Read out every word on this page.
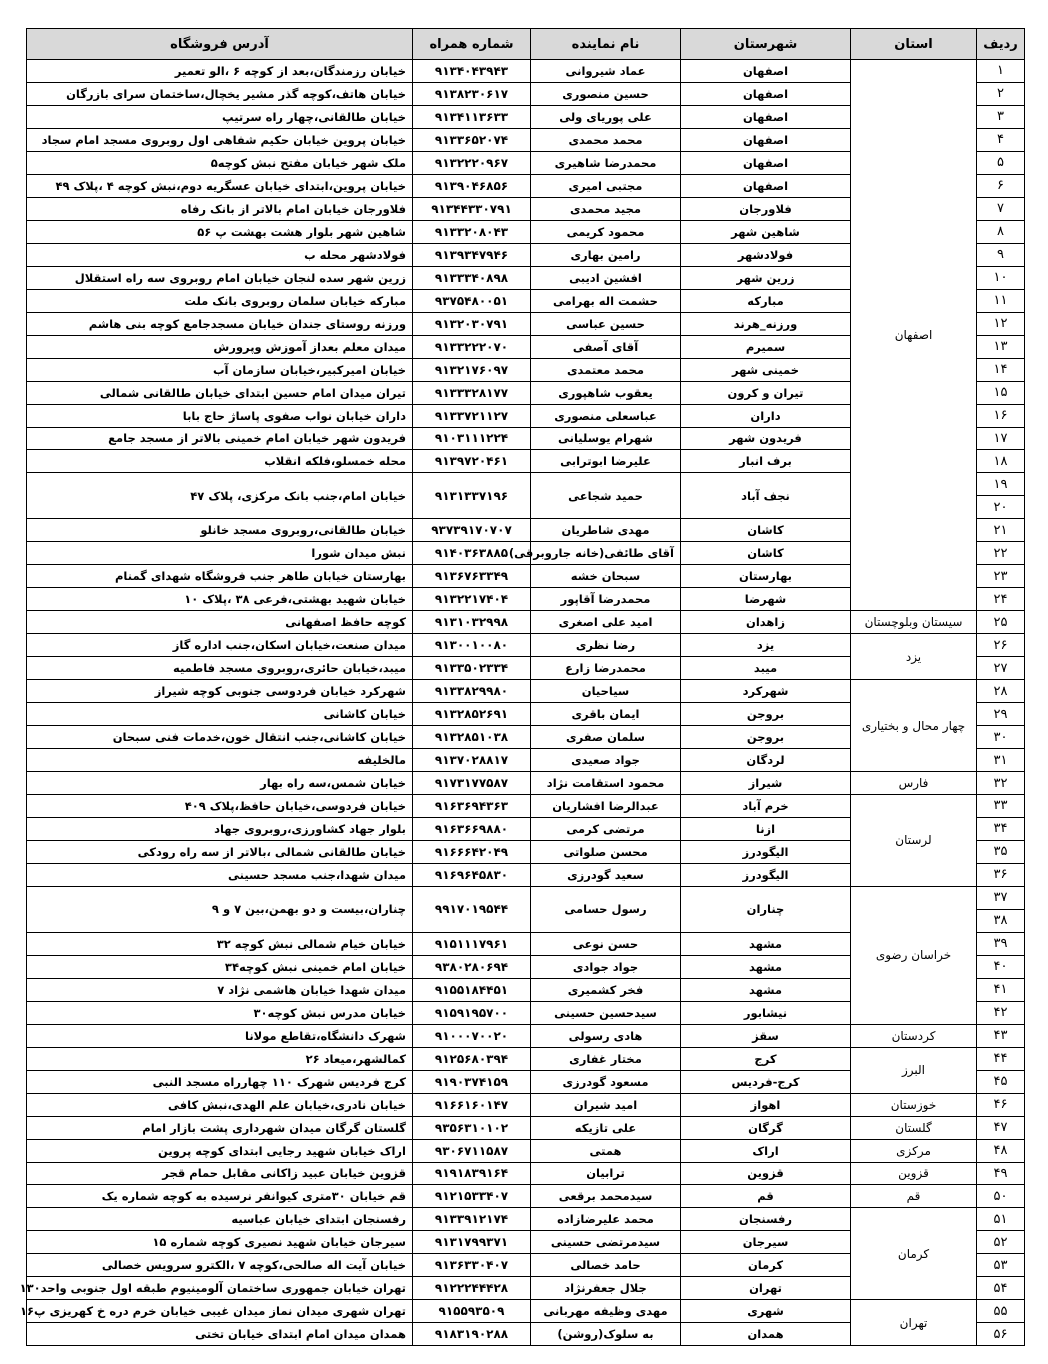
ردیف	استان	شهرستان	نام نماینده	شماره همراه	آدرس فروشگاه
۱	اصفهان	اصفهان	عماد شیروانی	۹۱۳۴۰۴۳۹۴۳	خیابان رزمندگان،بعد از کوچه ۶ ،الو تعمیر
۲		اصفهان	حسین منصوری	۹۱۳۸۲۳۰۶۱۷	خیابان هاتف،کوچه گذر مشیر یخچال،ساختمان سرای بازرگان
۳		اصفهان	علی پوریای ولی	۹۱۳۴۱۱۳۶۳۳	خیابان طالقانی،چهار راه سرتیپ
۴		اصفهان	محمد محمدی	۹۱۳۳۶۵۲۰۷۴	خیابان پروین خیابان حکیم شفاهی اول روبروی مسجد امام سجاد
۵		اصفهان	محمدرضا شاهیری	۹۱۳۲۲۲۰۹۶۷	ملک شهر خیابان مفتح نبش کوچه۵
۶		اصفهان	مجتبی امیری	۹۱۳۹۰۴۶۸۵۶	خیابان پروین،ابتدای خیابان عسگریه دوم،نبش کوچه ۴ ،پلاک ۴۹
۷		فلاورجان	مجید محمدی	۹۱۳۴۴۳۳۰۷۹۱	فلاورجان خیابان امام بالاتر از بانک رفاه
۸		شاهین شهر	محمود کریمی	۹۱۳۳۲۰۸۰۴۳	شاهین شهر بلوار هشت بهشت پ ۵۶
۹		فولادشهر	رامین بهاری	۹۱۳۹۳۴۷۹۴۶	فولادشهر محله ب
۱۰		زرین شهر	افشین ادیبی	۹۱۳۳۳۴۰۸۹۸	زرین شهر سده لنجان خیابان امام روبروی سه راه استقلال
۱۱		مبارکه	حشمت اله بهرامی	۹۳۷۵۴۸۰۰۵۱	مبارکه خیابان سلمان روبروی بانک ملت
۱۲		ورزنه_هرند	حسین عباسی	۹۱۳۲۰۳۰۷۹۱	ورزنه روستای جندان خیابان مسجدجامع کوچه بنی هاشم
۱۳		سمیرم	آقای آصفی	۹۱۳۳۲۲۲۰۷۰	میدان معلم بعداز آموزش وپرورش
۱۴		خمینی شهر	محمد معتمدی	۹۱۳۲۱۷۶۰۹۷	خیابان امیرکبیر،خیابان سازمان آب
۱۵		تیران و کرون	یعقوب شاهپوری	۹۱۳۳۳۲۸۱۷۷	تیران میدان امام حسین ابتدای خیابان طالقانی شمالی
۱۶		داران	عباسعلی منصوری	۹۱۳۳۷۲۱۱۲۷	داران خیابان نواب صفوی پاساژ حاج بابا
۱۷		فریدون شهر	شهرام یوسلیانی	۹۱۰۳۱۱۱۲۲۴	فریدون شهر خیابان امام خمینی بالاتر از مسجد جامع
۱۸		برف انبار	علیرضا ابوترابی	۹۱۳۹۷۲۰۴۶۱	محله خمسلو،فلکه انقلاب
۱۹		نجف آباد	حمید شجاعی	۹۱۳۱۳۳۷۱۹۶	خیابان امام،جنب بانک مرکزی، پلاک ۴۷
۲۰					
۲۱		کاشان	مهدی شاطریان	۹۳۷۳۹۱۷۰۷۰۷	خیابان طالقانی،روبروی مسجد خانلو
۲۲		کاشان	آقای طائفی(خانه جاروبرقی)	۹۱۴۰۳۶۳۸۸۵	نبش میدان شورا
۲۳		بهارستان	سبحان خشه	۹۱۳۶۷۶۳۳۴۹	بهارستان خیابان طاهر جنب فروشگاه شهدای گمنام
۲۴		شهرضا	محمدرضا آقاپور	۹۱۳۲۲۱۷۴۰۴	خیابان شهید بهشتی،فرعی ۳۸ ،پلاک ۱۰
۲۵	سیستان وبلوچستان	زاهدان	امید علی اصغری	۹۱۳۱۰۳۲۹۹۸	کوچه حافظ اصفهانی
۲۶	یزد	یزد	رضا نظری	۹۱۳۰۰۱۰۰۸۰	میدان صنعت،خیابان اسکان،جنب اداره گاز
۲۷		میبد	محمدرضا زارع	۹۱۳۳۵۰۲۳۳۴	میبد،خیابان حائری،روبروی مسجد فاطمیه
۲۸	چهار محال و بختیاری	شهرکرد	سیاحیان	۹۱۳۳۸۲۹۹۸۰	شهرکرد خیابان فردوسی جنوبی کوچه شیراز
۲۹		بروجن	ایمان باقری	۹۱۳۲۸۵۲۶۹۱	خیابان کاشانی
۳۰		بروجن	سلمان صفری	۹۱۳۲۸۵۱۰۳۸	خیابان کاشانی،جنب انتقال خون،خدمات فنی سبحان
۳۱		لردگان	جواد صعیدی	۹۱۳۷۰۲۸۸۱۷	مالخلیفه
۳۲	فارس	شیراز	محمود استقامت نژاد	۹۱۷۳۱۷۷۵۸۷	خیابان شمس،سه راه بهار
۳۳	لرستان	خرم آباد	عبدالرضا افشاریان	۹۱۶۳۶۹۴۳۶۳	خیابان فردوسی،خیابان حافظ،پلاک ۴۰۹
۳۴		ازنا	مرتضی کرمی	۹۱۶۳۶۶۹۸۸۰	بلوار جهاد کشاورزی،روبروی جهاد
۳۵		الیگودرز	محسن صلواتی	۹۱۶۶۶۴۲۰۴۹	خیابان طالقانی شمالی ،بالاتر از سه راه رودکی
۳۶		الیگودرز	سعید گودرزی	۹۱۶۹۶۴۵۸۳۰	میدان شهدا،جنب مسجد حسینی
۳۷	خراسان رضوی	چناران	رسول حسامی	۹۹۱۷۰۱۹۵۴۴	چناران،بیست و دو بهمن،بین ۷ و ۹
۳۸					
۳۹		مشهد	حسن نوعی	۹۱۵۱۱۱۷۹۶۱	خیابان خیام شمالی نبش کوچه ۳۲
۴۰		مشهد	جواد جوادی	۹۳۸۰۲۸۰۶۹۴	خیابان امام خمینی نبش کوچه۳۴
۴۱		مشهد	فخر کشمیری	۹۱۵۵۱۸۴۴۵۱	میدان شهدا خیابان هاشمی نژاد ۷
۴۲		نیشابور	سیدحسین حسینی	۹۱۵۹۱۹۵۷۰۰	خیابان مدرس نبش کوچه۳۰
۴۳	کردستان	سقز	هادی رسولی	۹۱۰۰۰۷۰۰۲۰	شهرک دانشگاه،تقاطع مولانا
۴۴	البرز	کرج	مختار غفاری	۹۱۲۵۶۸۰۳۹۴	کمالشهر،میعاد ۲۶
۴۵		کرج-فردیس	مسعود گودرزی	۹۱۹۰۳۷۴۱۵۹	کرج فردیس شهرک ۱۱۰ چهارراه مسجد النبی
۴۶	خوزستان	اهواز	امید شیران	۹۱۶۶۱۶۰۱۴۷	خیابان نادری،خیابان علم الهدی،نبش کافی
۴۷	گلستان	گرگان	علی تازیکه	۹۳۵۶۳۱۰۱۰۲	گلستان گرگان میدان شهرداری پشت بازار امام
۴۸	مرکزی	اراک	همتی	۹۳۰۶۷۱۱۵۸۷	اراک خیابان شهید رجایی ابتدای کوچه پروین
۴۹	قزوین	قزوین	ترابیان	۹۱۹۱۸۳۹۱۶۴	قزوین خیابان عبید زاکانی مقابل حمام قجر
۵۰	قم	قم	سیدمحمد برقعی	۹۱۲۱۵۳۳۴۰۷	قم خیابان ۳۰متری کیوانفر نرسیده به کوچه شماره یک
۵۱	کرمان	رفسنجان	محمد علیرضازاده	۹۱۳۳۹۱۲۱۷۴	رفسنجان ابتدای خیابان عباسیه
۵۲		سیرجان	سیدمرتضی حسینی	۹۱۳۱۷۹۹۳۷۱	سیرجان خیابان شهید نصیری کوچه شماره ۱۵
۵۳		کرمان	حامد خصالی	۹۱۳۶۳۳۰۴۰۷	خیابان آیت اله صالحی،کوچه ۷ ،الکترو سرویس خصالی
۵۴		تهران	جلال جعفرنژاد	۹۱۲۲۲۴۴۴۲۸	تهران خیابان جمهوری ساختمان آلومینیوم طبقه اول جنوبی واحد۱۳۰
۵۵	تهران	شهری	مهدی وظیفه مهربانی	۹۱۵۵۹۳۵۰۹	تهران شهری میدان نماز میدان غیبی خیابان خرم دره خ کهریزی پ۱۶
۵۶		همدان	به سلوک(روشن)	۹۱۸۳۱۹۰۲۸۸	همدان میدان امام ابتدای خیابان تختی
